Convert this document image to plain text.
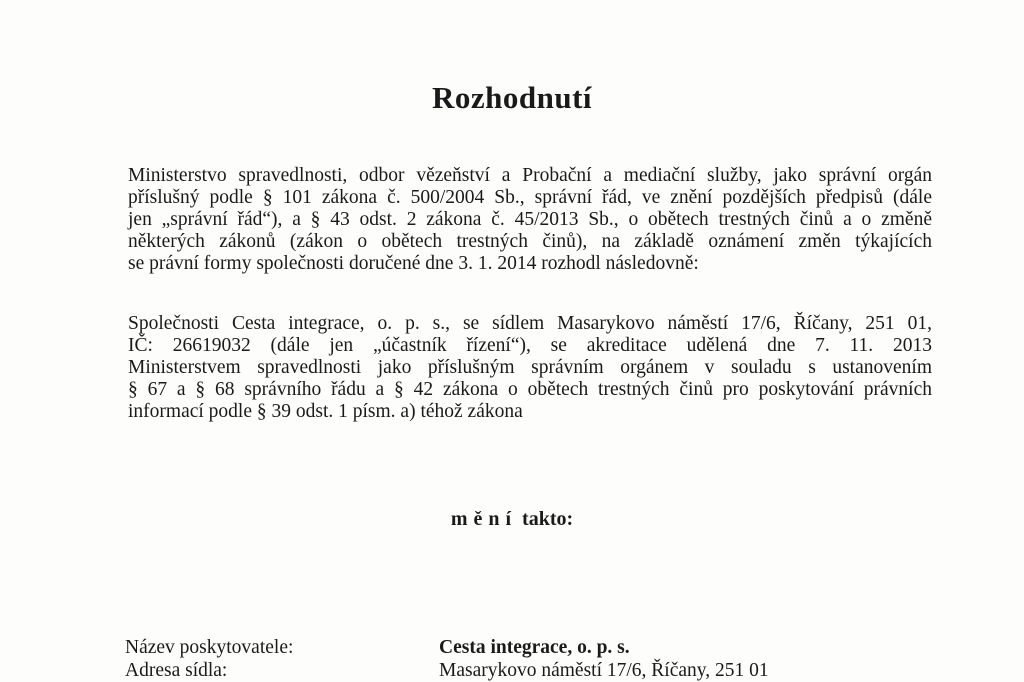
Rozhodnutí
Ministerstvo spravedlnosti, odbor vězeňství a Probační a mediační služby, jako správní orgán
příslušný podle § 101 zákona č. 500/2004 Sb., správní řád, ve znění pozdějších předpisů (dále
jen „správní řád“), a § 43 odst. 2 zákona č. 45/2013 Sb., o obětech trestných činů a o změně
některých zákonů (zákon o obětech trestných činů), na základě oznámení změn týkajících
se právní formy společnosti doručené dne 3. 1. 2014 rozhodl následovně:
Společnosti Cesta integrace, o. p. s., se sídlem Masarykovo náměstí 17/6, Říčany, 251 01,
IČ: 26619032 (dále jen „účastník řízení“), se akreditace udělená dne 7. 11. 2013
Ministerstvem spravedlnosti jako příslušným správním orgánem v souladu s ustanovením
§ 67 a § 68 správního řádu a § 42 zákona o obětech trestných činů pro poskytování právních
informací podle § 39 odst. 1 písm. a) téhož zákona

mění takto:

Název poskytovatele:	Cesta integrace, o. p. s.
Adresa sídla:	Masarykovo náměstí 17/6, Říčany, 251 01
